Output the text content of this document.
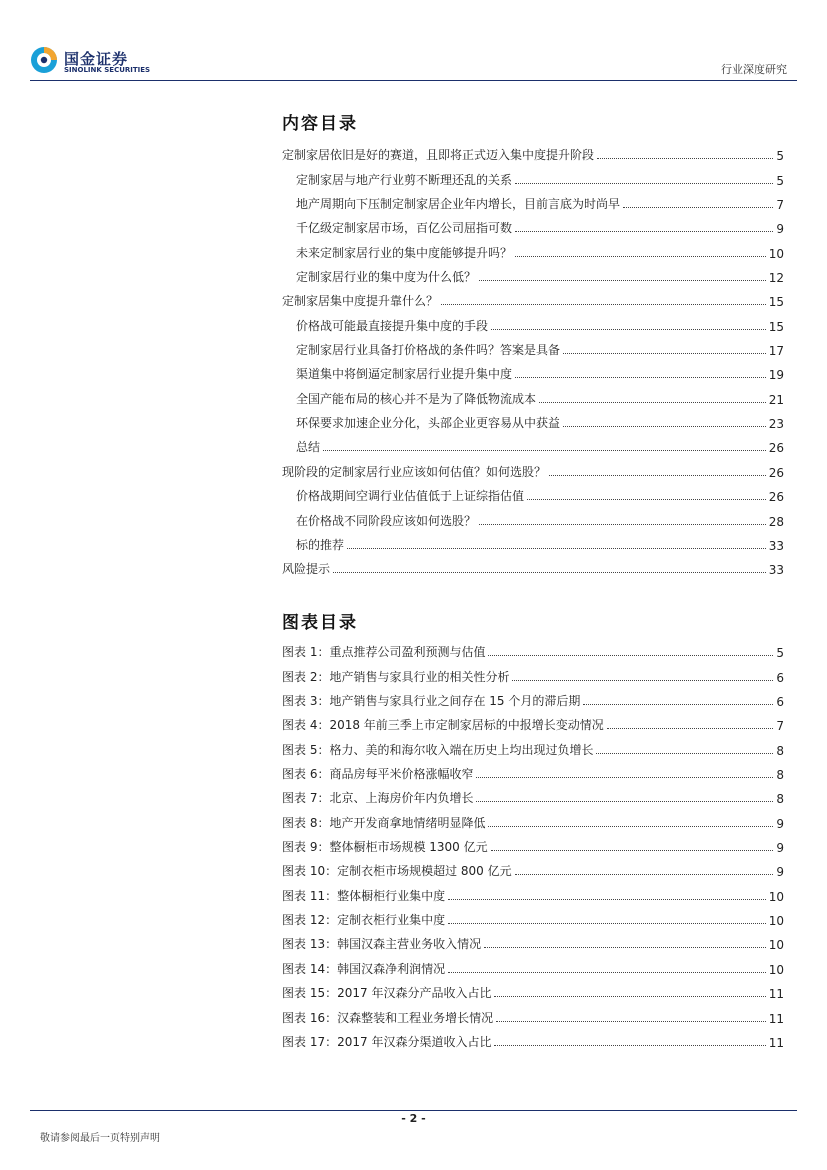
国金证券
SINOLINK SECURITIES	行业深度研究
内容目录
定制家居依旧是好的赛道，且即将正式迈入集中度提升阶段	5
定制家居与地产行业剪不断理还乱的关系	5
地产周期向下压制定制家居企业年内增长，目前言底为时尚早	7
千亿级定制家居市场，百亿公司屈指可数	9
未来定制家居行业的集中度能够提升吗？	10
定制家居行业的集中度为什么低？	12
定制家居集中度提升靠什么？	15
价格战可能最直接提升集中度的手段	15
定制家居行业具备打价格战的条件吗？答案是具备	17
渠道集中将倒逼定制家居行业提升集中度	19
全国产能布局的核心并不是为了降低物流成本	21
环保要求加速企业分化，头部企业更容易从中获益	23
总结	26
现阶段的定制家居行业应该如何估值？如何选股？	26
价格战期间空调行业估值低于上证综指估值	26
在价格战不同阶段应该如何选股？	28
标的推荐	33
风险提示	33
图表目录
图表 1：重点推荐公司盈利预测与估值	5
图表 2：地产销售与家具行业的相关性分析	6
图表 3：地产销售与家具行业之间存在 15 个月的滞后期	6
图表 4：2018 年前三季上市定制家居标的中报增长变动情况	7
图表 5：格力、美的和海尔收入端在历史上均出现过负增长	8
图表 6：商品房每平米价格涨幅收窄	8
图表 7：北京、上海房价年内负增长	8
图表 8：地产开发商拿地情绪明显降低	9
图表 9：整体橱柜市场规模 1300 亿元	9
图表 10：定制衣柜市场规模超过 800 亿元	9
图表 11：整体橱柜行业集中度	10
图表 12：定制衣柜行业集中度	10
图表 13：韩国汉森主营业务收入情况	10
图表 14：韩国汉森净利润情况	10
图表 15：2017 年汉森分产品收入占比	11
图表 16：汉森整装和工程业务增长情况	11
图表 17：2017 年汉森分渠道收入占比	11
- 2 -
敬请参阅最后一页特别声明
